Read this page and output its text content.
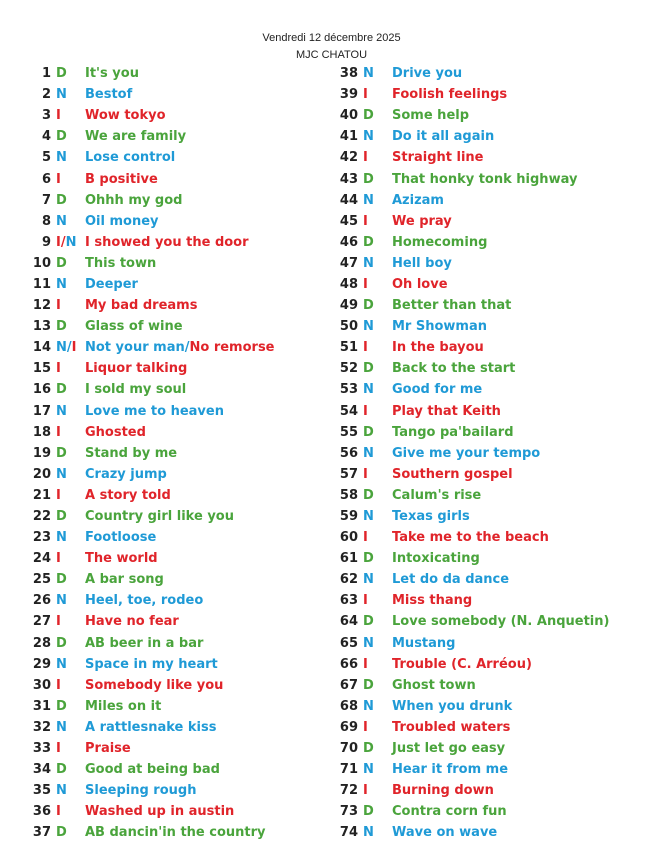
Vendredi 12 décembre 2025
MJC CHATOU
1 D	It's you
2 N	Bestof
3 I	Wow tokyo
4 D	We are family
5 N	Lose control
6 I	B positive
7 D	Ohhh my god
8 N	Oil money
9 I/N I showed you the door
10 D	This town
11 N	Deeper
12 I	My bad dreams
13 D	Glass of wine
14 N/I Not your man/No remorse
15 I	Liquor talking
16 D	I sold my soul
17 N	Love me to heaven
18 I	Ghosted
19 D	Stand by me
20 N	Crazy jump
21 I	A story told
22 D	Country girl like you
23 N	Footloose
24 I	The world
25 D	A bar song
26 N	Heel, toe, rodeo
27 I	Have no fear
28 D	AB beer in a bar
29 N	Space in my heart
30 I	Somebody like you
31 D	Miles on it
32 N	A rattlesnake kiss
33 I	Praise
34 D	Good at being bad
35 N	Sleeping rough
36 I	Washed up in austin
37 D	AB dancin'in the country
38 N	Drive you
39 I	Foolish feelings
40 D	Some help
41 N	Do it all again
42 I	Straight line
43 D	That honky tonk highway
44 N	Azizam
45 I	We pray
46 D	Homecoming
47 N	Hell boy
48 I	Oh love
49 D	Better than that
50 N	Mr Showman
51 I	In the bayou
52 D	Back to the start
53 N	Good for me
54 I	Play that Keith
55 D	Tango pa'bailard
56 N	Give me your tempo
57 I	Southern gospel
58 D	Calum's rise
59 N	Texas girls
60 I	Take me to the beach
61 D	Intoxicating
62 N	Let do da dance
63 I	Miss thang
64 D	Love somebody (N. Anquetin)
65 N	Mustang
66 I	Trouble (C. Arréou)
67 D	Ghost town
68 N	When you drunk
69 I	Troubled waters
70 D	Just let go easy
71 N	Hear it from me
72 I	Burning down
73 D	Contra corn fun
74 N	Wave on wave
